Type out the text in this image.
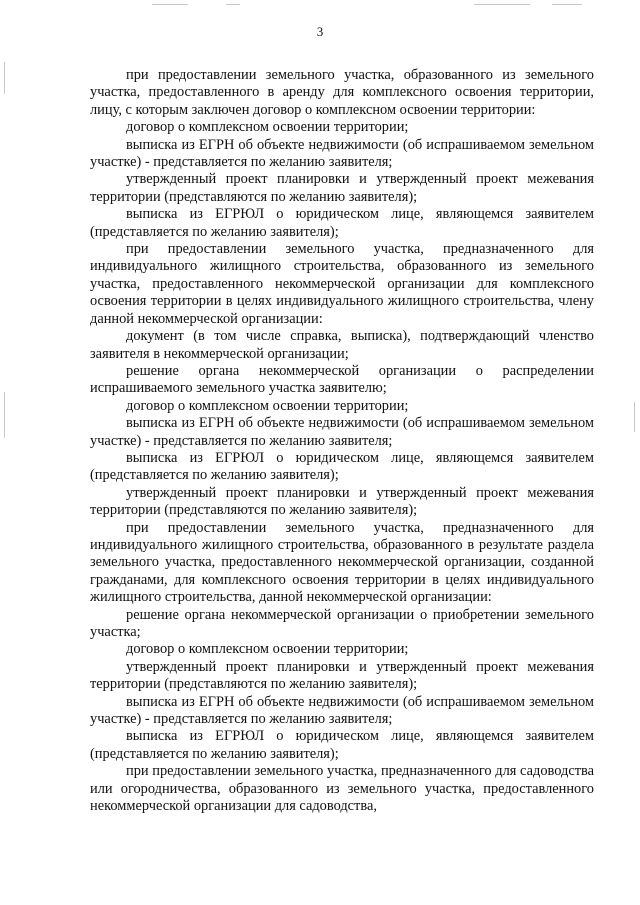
3

при предоставлении земельного участка, образованного из земельного участка, предоставленного в аренду для комплексного освоения территории, лицу, с которым заключен договор о комплексном освоении территории:

договор о комплексном освоении территории;

выписка из ЕГРН об объекте недвижимости (об испрашиваемом земельном участке) - представляется по желанию заявителя;

утвержденный проект планировки и утвержденный проект межевания территории (представляются по желанию заявителя);

выписка из ЕГРЮЛ о юридическом лице, являющемся заявителем (представляется по желанию заявителя);

при предоставлении земельного участка, предназначенного для индивидуального жилищного строительства, образованного из земельного участка, предоставленного некоммерческой организации для комплексного освоения территории в целях индивидуального жилищного строительства, члену данной некоммерческой организации:

документ (в том числе справка, выписка), подтверждающий членство заявителя в некоммерческой организации;

решение органа некоммерческой организации о распределении испрашиваемого земельного участка заявителю;

договор о комплексном освоении территории;

выписка из ЕГРН об объекте недвижимости (об испрашиваемом земельном участке) - представляется по желанию заявителя;

выписка из ЕГРЮЛ о юридическом лице, являющемся заявителем (представляется по желанию заявителя);

утвержденный проект планировки и утвержденный проект межевания территории (представляются по желанию заявителя);

при предоставлении земельного участка, предназначенного для индивидуального жилищного строительства, образованного в результате раздела земельного участка, предоставленного некоммерческой организации, созданной гражданами, для комплексного освоения территории в целях индивидуального жилищного строительства, данной некоммерческой организации:

решение органа некоммерческой организации о приобретении земельного участка;

договор о комплексном освоении территории;

утвержденный проект планировки и утвержденный проект межевания территории (представляются по желанию заявителя);

выписка из ЕГРН об объекте недвижимости (об испрашиваемом земельном участке) - представляется по желанию заявителя;

выписка из ЕГРЮЛ о юридическом лице, являющемся заявителем (представляется по желанию заявителя);

при предоставлении земельного участка, предназначенного для садоводства или огородничества, образованного из земельного участка, предоставленного некоммерческой организации для садоводства,
